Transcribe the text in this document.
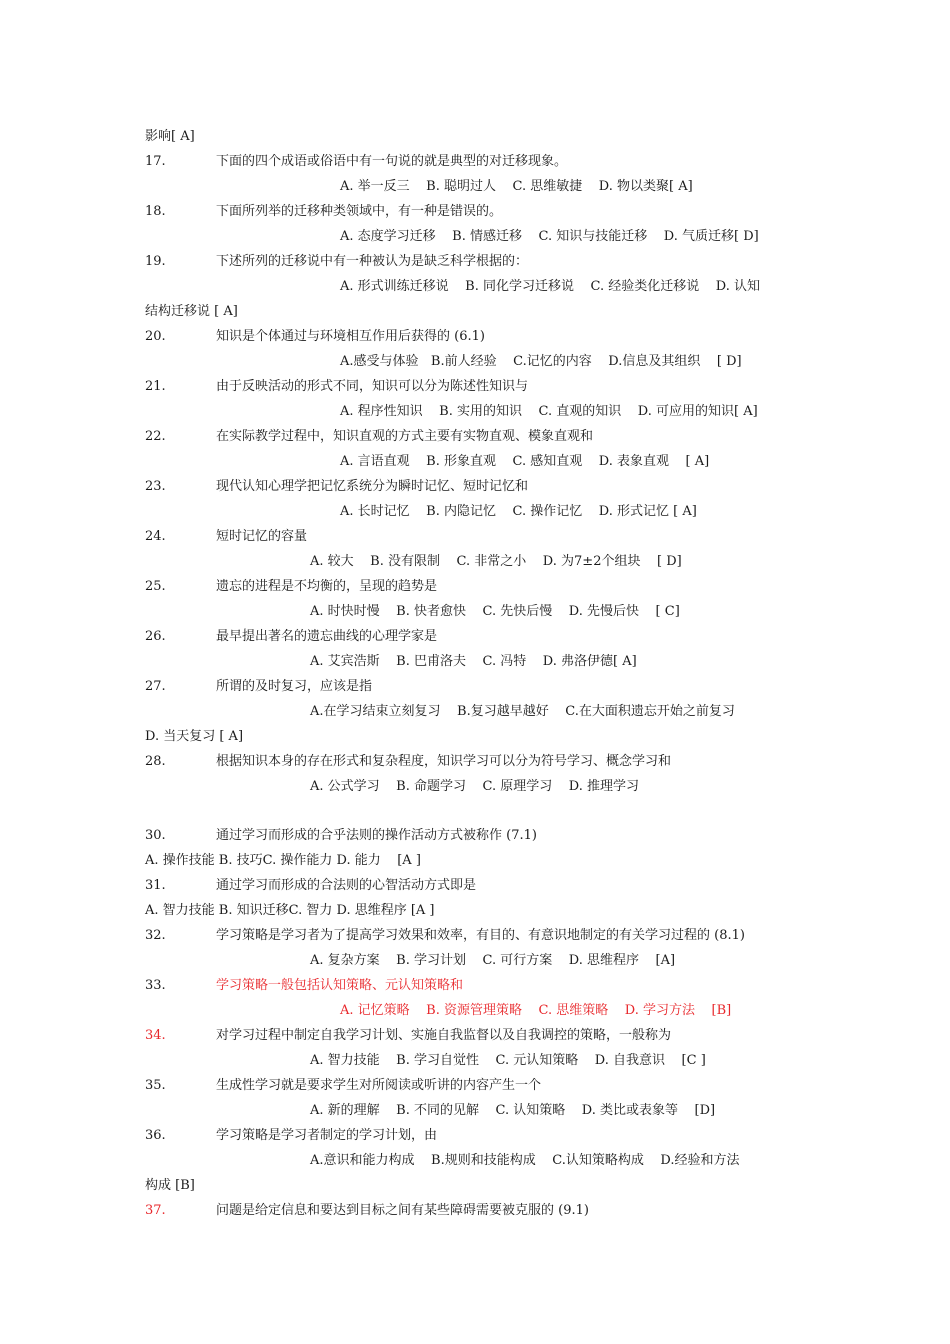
影响[ A]
17.	下面的四个成语或俗语中有一句说的就是典型的对迁移现象。
A. 举一反三    B. 聪明过人    C. 思维敏捷    D. 物以类聚[ A]
18.	下面所列举的迁移种类领域中，有一种是错误的。
A. 态度学习迁移    B. 情感迁移    C. 知识与技能迁移    D. 气质迁移[ D]
19.	下述所列的迁移说中有一种被认为是缺乏科学根据的：
A. 形式训练迁移说    B. 同化学习迁移说    C. 经验类化迁移说    D. 认知
结构迁移说 [ A]
20.	知识是个体通过与环境相互作用后获得的 (6.1)
A.感受与体验   B.前人经验    C.记忆的内容    D.信息及其组织    [ D]
21.	由于反映活动的形式不同，知识可以分为陈述性知识与
A. 程序性知识    B. 实用的知识    C. 直观的知识    D. 可应用的知识[ A]
22.	在实际教学过程中，知识直观的方式主要有实物直观、模象直观和
A. 言语直观    B. 形象直观    C. 感知直观    D. 表象直观    [ A]
23.	现代认知心理学把记忆系统分为瞬时记忆、短时记忆和
A. 长时记忆    B. 内隐记忆    C. 操作记忆    D. 形式记忆 [ A]
24.	短时记忆的容量
A. 较大    B. 没有限制    C. 非常之小    D. 为7±2个组块    [ D]
25.	遗忘的进程是不均衡的，呈现的趋势是
A. 时快时慢    B. 快者愈快    C. 先快后慢    D. 先慢后快    [ C]
26.	最早提出著名的遗忘曲线的心理学家是
A. 艾宾浩斯    B. 巴甫洛夫    C. 冯特    D. 弗洛伊德[ A]
27.	所谓的及时复习，应该是指
A.在学习结束立刻复习    B.复习越早越好    C.在大面积遗忘开始之前复习
D. 当天复习 [ A]
28.	根据知识本身的存在形式和复杂程度，知识学习可以分为符号学习、概念学习和
A. 公式学习    B. 命题学习    C. 原理学习    D. 推理学习
30.	通过学习而形成的合乎法则的操作活动方式被称作 (7.1)
A. 操作技能 B. 技巧C. 操作能力 D. 能力    [A ]
31.	通过学习而形成的合法则的心智活动方式即是
A. 智力技能 B. 知识迁移C. 智力 D. 思维程序 [A ]
32.	学习策略是学习者为了提高学习效果和效率，有目的、有意识地制定的有关学习过程的 (8.1)
A. 复杂方案    B. 学习计划    C. 可行方案    D. 思维程序    [A]
33.	学习策略一般包括认知策略、元认知策略和
A. 记忆策略    B. 资源管理策略    C. 思维策略    D. 学习方法    [B]
34.	对学习过程中制定自我学习计划、实施自我监督以及自我调控的策略，一般称为
A. 智力技能    B. 学习自觉性    C. 元认知策略    D. 自我意识    [C ]
35.	生成性学习就是要求学生对所阅读或听讲的内容产生一个
A. 新的理解    B. 不同的见解    C. 认知策略    D. 类比或表象等    [D]
36.	学习策略是学习者制定的学习计划，由
A.意识和能力构成    B.规则和技能构成    C.认知策略构成    D.经验和方法
构成 [B]
37.	问题是给定信息和要达到目标之间有某些障碍需要被克服的 (9.1)
